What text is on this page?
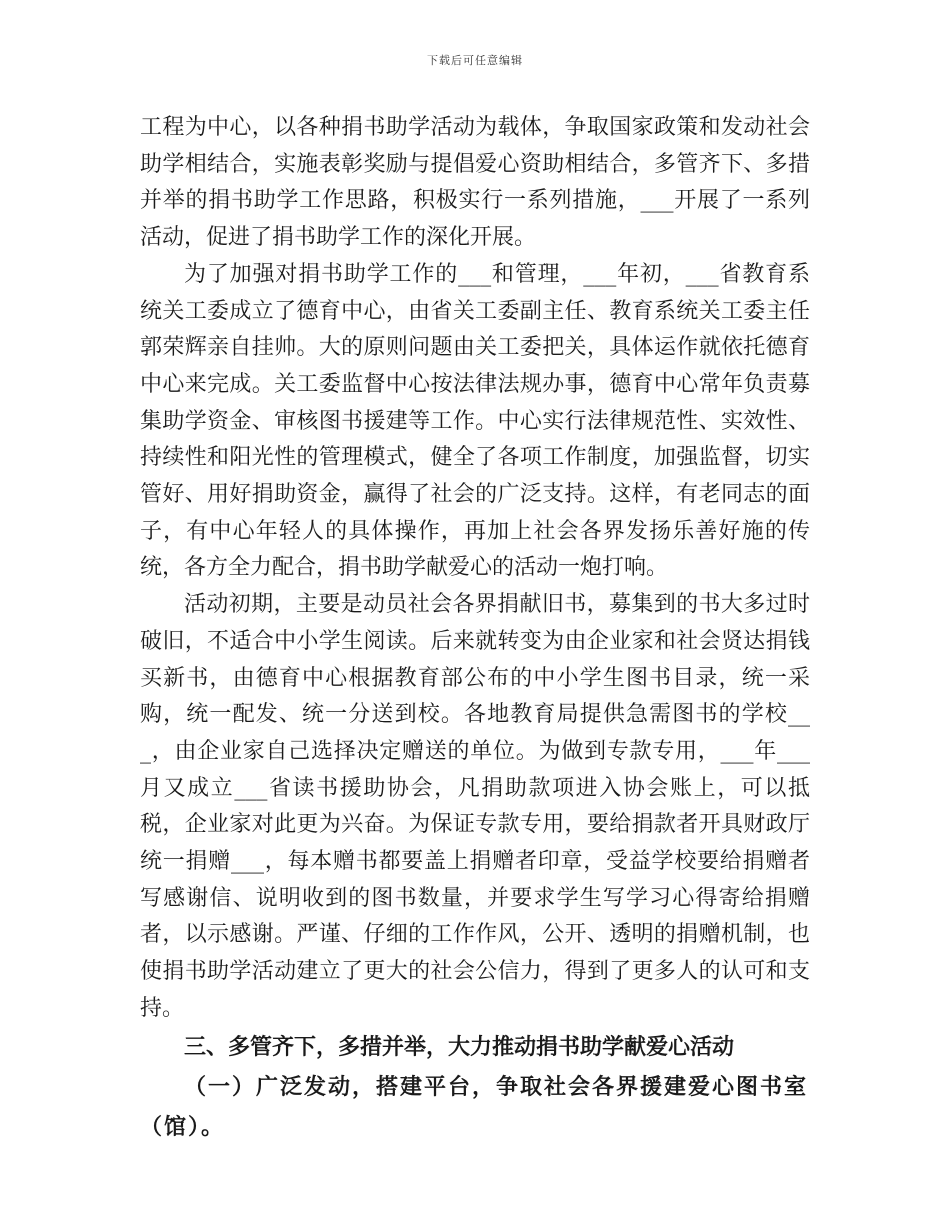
下载后可任意编辑

工程为中心，以各种捐书助学活动为载体，争取国家政策和发动社会助学相结合，实施表彰奖励与提倡爱心资助相结合，多管齐下、多措并举的捐书助学工作思路，积极实行一系列措施，___开展了一系列活动，促进了捐书助学工作的深化开展。

为了加强对捐书助学工作的___和管理，___年初，___省教育系统关工委成立了德育中心，由省关工委副主任、教育系统关工委主任郭荣辉亲自挂帅。大的原则问题由关工委把关，具体运作就依托德育中心来完成。关工委监督中心按法律法规办事，德育中心常年负责募集助学资金、审核图书援建等工作。中心实行法律规范性、实效性、持续性和阳光性的管理模式，健全了各项工作制度，加强监督，切实管好、用好捐助资金，赢得了社会的广泛支持。这样，有老同志的面子，有中心年轻人的具体操作，再加上社会各界发扬乐善好施的传统，各方全力配合，捐书助学献爱心的活动一炮打响。

活动初期，主要是动员社会各界捐献旧书，募集到的书大多过时破旧，不适合中小学生阅读。后来就转变为由企业家和社会贤达捐钱买新书，由德育中心根据教育部公布的中小学生图书目录，统一采购，统一配发、统一分送到校。各地教育局提供急需图书的学校___，由企业家自己选择决定赠送的单位。为做到专款专用，___年___月又成立___省读书援助协会，凡捐助款项进入协会账上，可以抵税，企业家对此更为兴奋。为保证专款专用，要给捐款者开具财政厅统一捐赠___，每本赠书都要盖上捐赠者印章，受益学校要给捐赠者写感谢信、说明收到的图书数量，并要求学生写学习心得寄给捐赠者，以示感谢。严谨、仔细的工作作风，公开、透明的捐赠机制，也使捐书助学活动建立了更大的社会公信力，得到了更多人的认可和支持。

三、多管齐下，多措并举，大力推动捐书助学献爱心活动

（一）广泛发动，搭建平台，争取社会各界援建爱心图书室（馆）。
